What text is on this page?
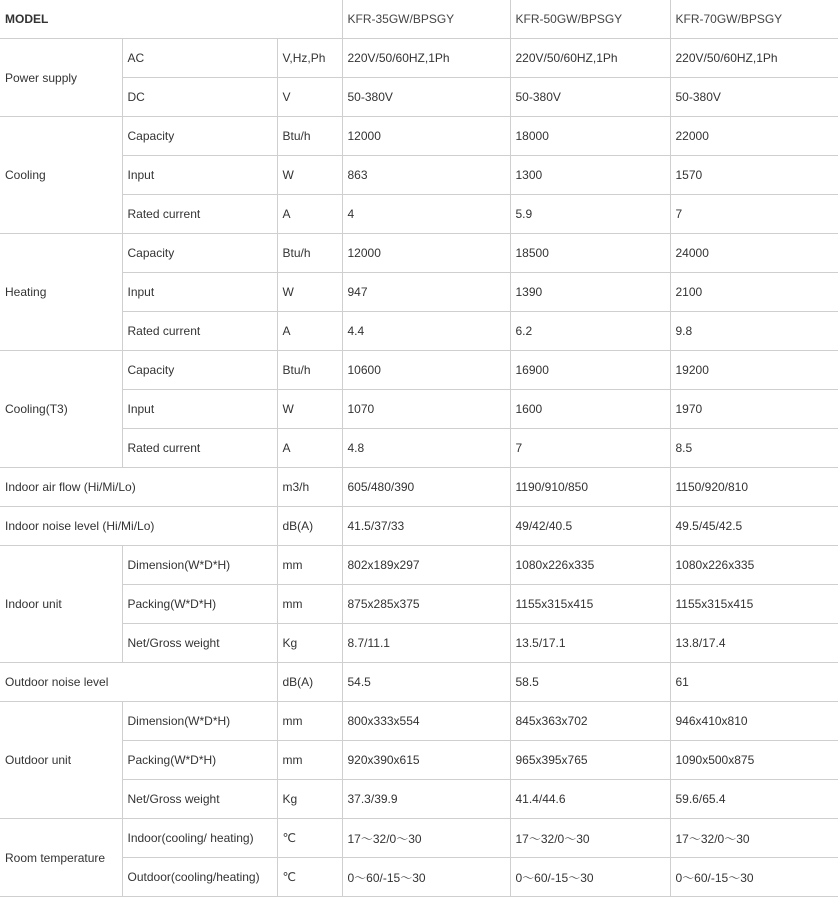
MODEL			KFR-35GW/BPSGY	KFR-50GW/BPSGY	KFR-70GW/BPSGY
Power supply	AC	V,Hz,Ph	220V/50/60HZ,1Ph	220V/50/60HZ,1Ph	220V/50/60HZ,1Ph
	DC	V	50-380V	50-380V	50-380V
Cooling	Capacity	Btu/h	12000	18000	22000
	Input	W	863	1300	1570
	Rated current	A	4	5.9	7
Heating	Capacity	Btu/h	12000	18500	24000
	Input	W	947	1390	2100
	Rated current	A	4.4	6.2	9.8
Cooling(T3)	Capacity	Btu/h	10600	16900	19200
	Input	W	1070	1600	1970
	Rated current	A	4.8	7	8.5
Indoor air flow (Hi/Mi/Lo)		m3/h	605/480/390	1190/910/850	1150/920/810
Indoor noise level (Hi/Mi/Lo)		dB(A)	41.5/37/33	49/42/40.5	49.5/45/42.5
Indoor unit	Dimension(W*D*H)	mm	802x189x297	1080x226x335	1080x226x335
	Packing(W*D*H)	mm	875x285x375	1155x315x415	1155x315x415
	Net/Gross weight	Kg	8.7/11.1	13.5/17.1	13.8/17.4
Outdoor noise level		dB(A)	54.5	58.5	61
Outdoor unit	Dimension(W*D*H)	mm	800x333x554	845x363x702	946x410x810
	Packing(W*D*H)	mm	920x390x615	965x395x765	1090x500x875
	Net/Gross weight	Kg	37.3/39.9	41.4/44.6	59.6/65.4
Room temperature	Indoor(cooling/ heating)	℃	17～32/0～30	17～32/0～30	17～32/0～30
	Outdoor(cooling/heating)	℃	0～60/-15～30	0～60/-15～30	0～60/-15～30
